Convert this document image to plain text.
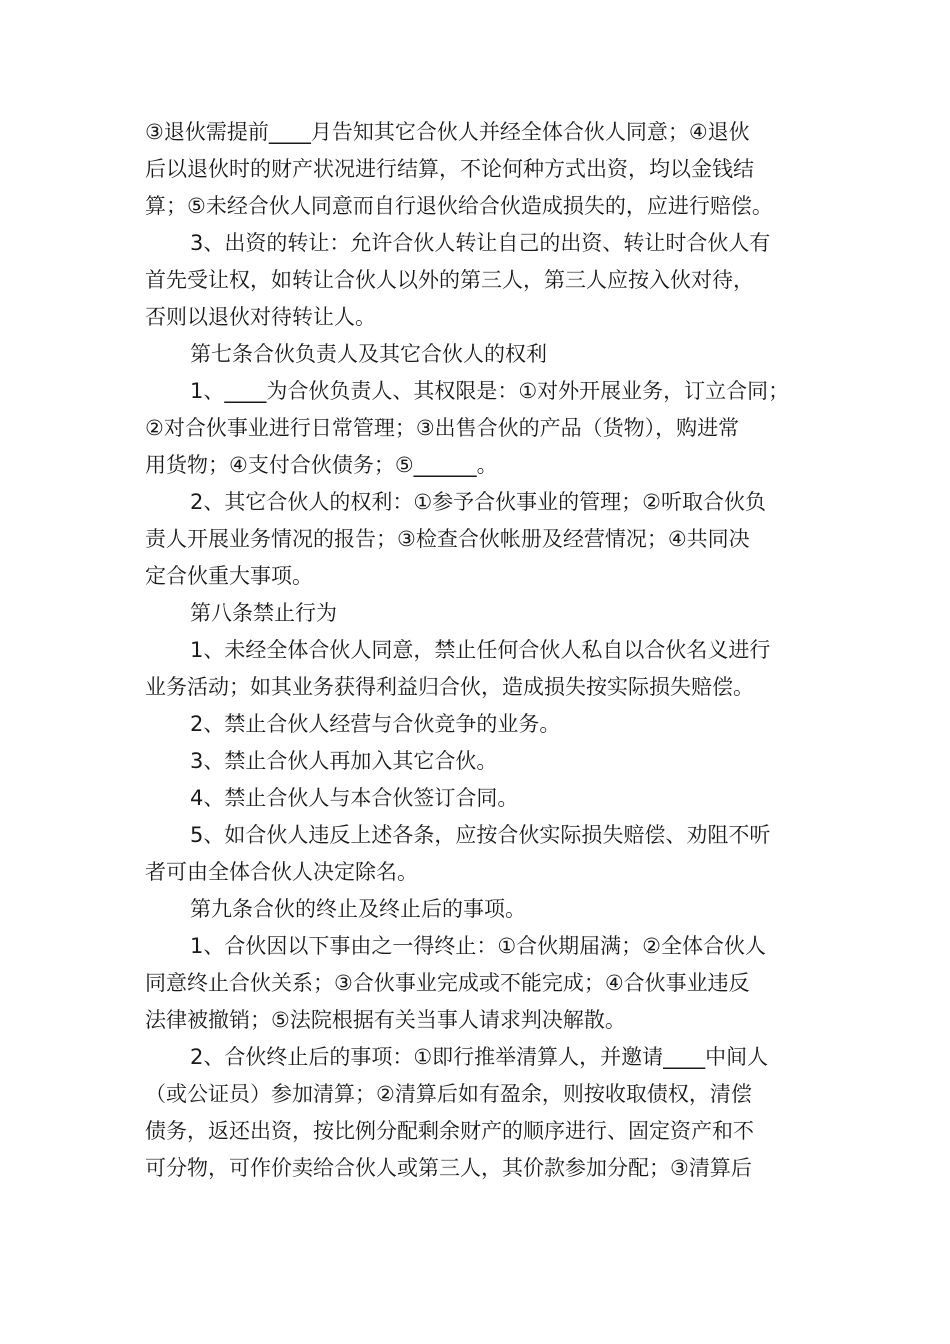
③退伙需提前____月告知其它合伙人并经全体合伙人同意；④退伙
后以退伙时的财产状况进行结算，不论何种方式出资，均以金钱结
算；⑤未经合伙人同意而自行退伙给合伙造成损失的，应进行赔偿。
3、出资的转让：允许合伙人转让自己的出资、转让时合伙人有
首先受让权，如转让合伙人以外的第三人，第三人应按入伙对待，
否则以退伙对待转让人。
第七条合伙负责人及其它合伙人的权利
1、____为合伙负责人、其权限是：①对外开展业务，订立合同；
②对合伙事业进行日常管理；③出售合伙的产品（货物），购进常
用货物；④支付合伙债务；⑤______。
2、其它合伙人的权利：①参予合伙事业的管理；②听取合伙负
责人开展业务情况的报告；③检查合伙帐册及经营情况；④共同决
定合伙重大事项。
第八条禁止行为
1、未经全体合伙人同意，禁止任何合伙人私自以合伙名义进行
业务活动；如其业务获得利益归合伙，造成损失按实际损失赔偿。
2、禁止合伙人经营与合伙竞争的业务。
3、禁止合伙人再加入其它合伙。
4、禁止合伙人与本合伙签订合同。
5、如合伙人违反上述各条，应按合伙实际损失赔偿、劝阻不听
者可由全体合伙人决定除名。
第九条合伙的终止及终止后的事项。
1、合伙因以下事由之一得终止：①合伙期届满；②全体合伙人
同意终止合伙关系；③合伙事业完成或不能完成；④合伙事业违反
法律被撤销；⑤法院根据有关当事人请求判决解散。
2、合伙终止后的事项：①即行推举清算人，并邀请____中间人
（或公证员）参加清算；②清算后如有盈余，则按收取债权，清偿
债务，返还出资，按比例分配剩余财产的顺序进行、固定资产和不
可分物，可作价卖给合伙人或第三人，其价款参加分配；③清算后
